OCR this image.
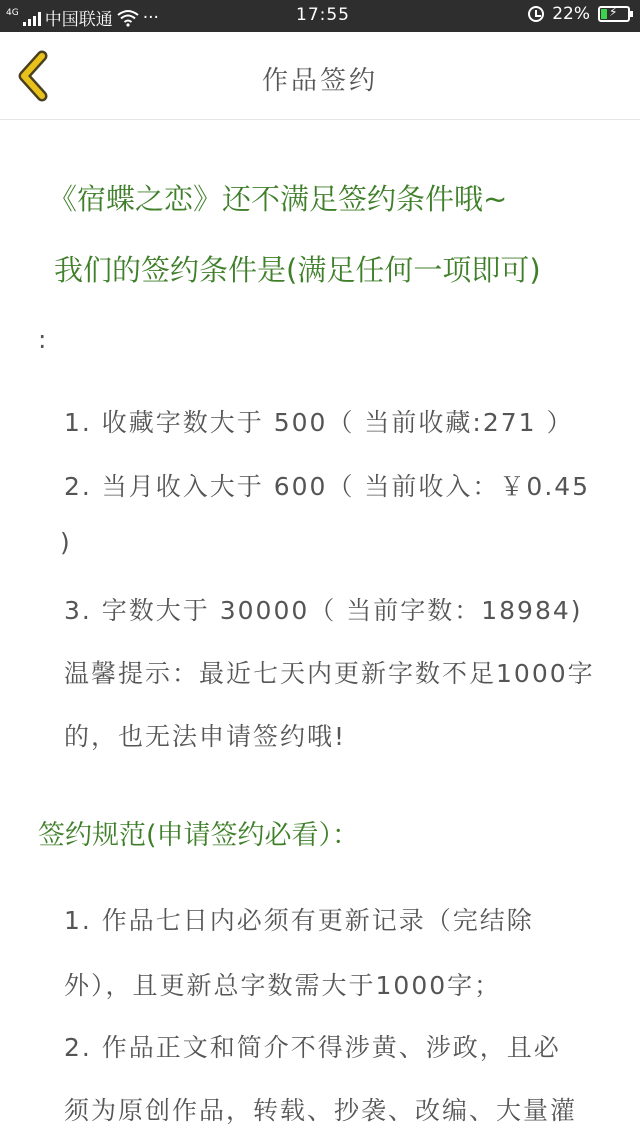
4G 中国联通 ···	17:55	22% ⚡
作品签约
《宿蝶之恋》还不满足签约条件哦~
我们的签约条件是(满足任何一项即可)
:
1. 收藏字数大于 500（ 当前收藏:271 ）
2. 当月收入大于 600（ 当前收入：￥0.45
)
3. 字数大于 30000（ 当前字数：18984)
温馨提示：最近七天内更新字数不足1000字
的，也无法申请签约哦!
签约规范(申请签约必看）：
1. 作品七日内必须有更新记录（完结除
外），且更新总字数需大于1000字；
2. 作品正文和简介不得涉黄、涉政，且必
须为原创作品，转载、抄袭、改编、大量灌
